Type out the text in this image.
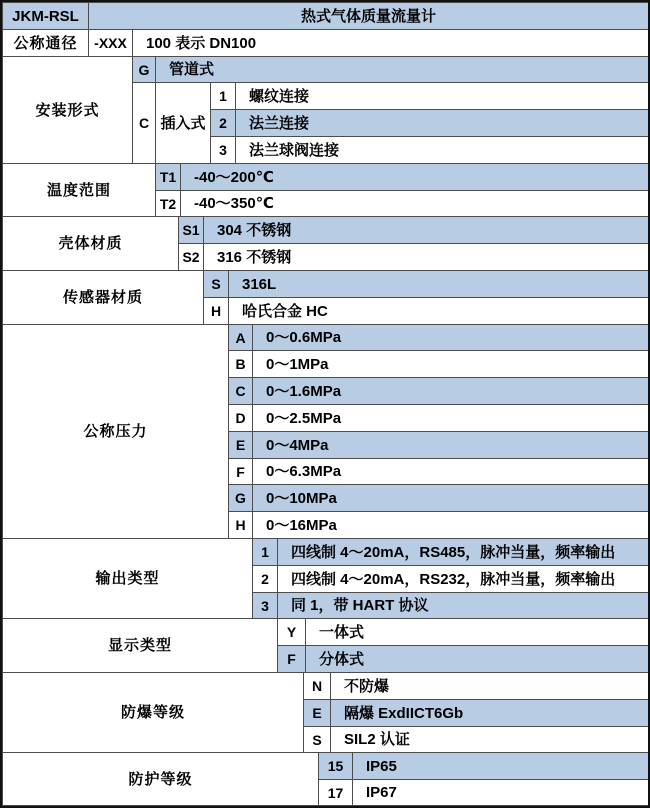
JKM-RSL	热式气体质量流量计
公称通径	-XXX	100 表示 DN100
安装形式
G	管道式
C 插入式
1	螺纹连接
2	法兰连接
3	法兰球阀连接
温度范围
T1	-40～200℃
T2	-40～350℃
壳体材质
S1	304 不锈钢
S2	316 不锈钢
传感器材质
S	316L
H	哈氏合金 HC
公称压力
A	0～0.6MPa
B	0～1MPa
C	0～1.6MPa
D	0～2.5MPa
E	0～4MPa
F	0～6.3MPa
G	0～10MPa
H	0～16MPa
输出类型
1	四线制 4～20mA，RS485，脉冲当量，频率输出
2	四线制 4～20mA，RS232，脉冲当量，频率输出
3	同 1，带 HART 协议
显示类型
Y	一体式
F	分体式
防爆等级
N	不防爆
E	隔爆 ExdIICT6Gb
S	SIL2 认证
防护等级
15	IP65
17	IP67
